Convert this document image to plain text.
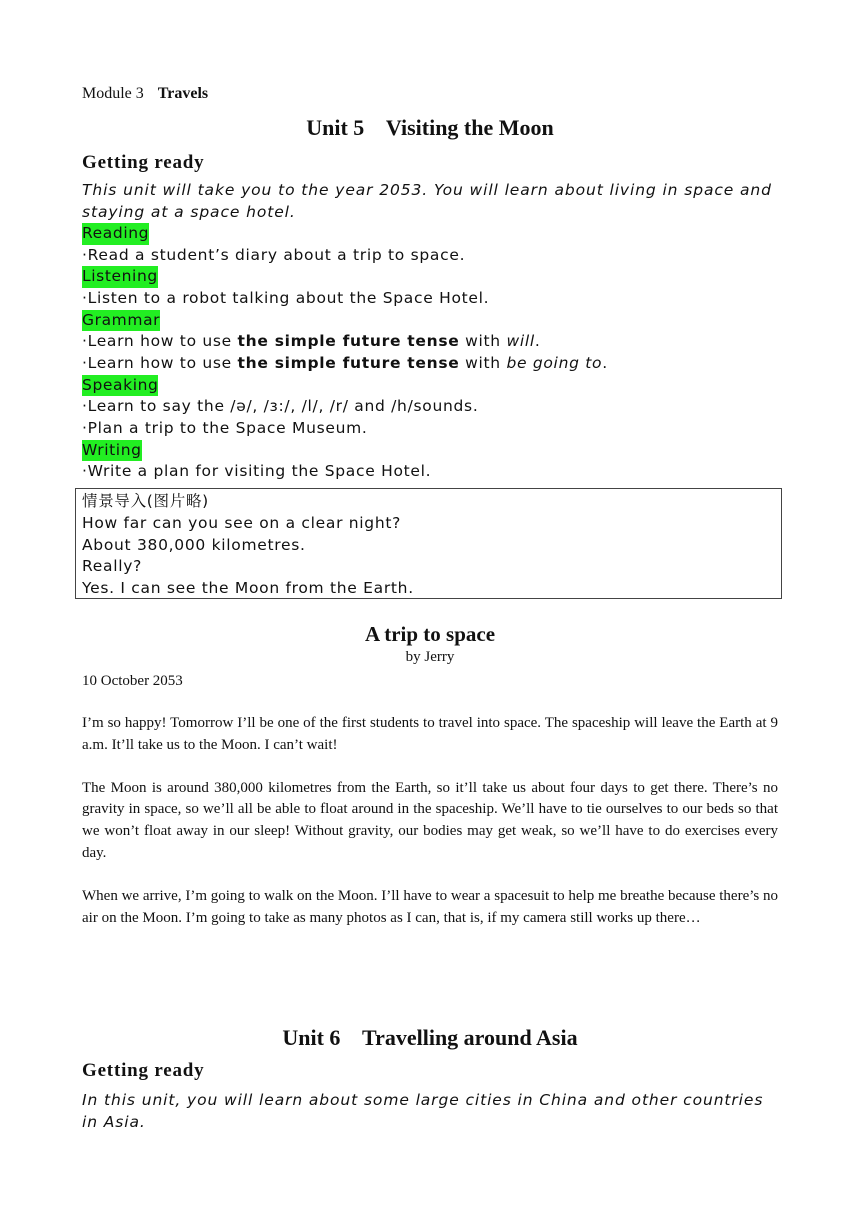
Module 3 Travels

Unit 5    Visiting the Moon
Getting ready

This unit will take you to the year 2053. You will learn about living in space and staying at a space hotel.

Reading
·Read a student’s diary about a trip to space.
Listening
·Listen to a robot talking about the Space Hotel.
Grammar
·Learn how to use the simple future tense with will.
·Learn how to use the simple future tense with be going to.
Speaking
·Learn to say the /ə/, /ɜ:/, /l/, /r/ and /h/sounds.
·Plan a trip to the Space Museum.
Writing
·Write a plan for visiting the Space Hotel.
情景导入(图片略)
How far can you see on a clear night?
About 380,000 kilometres.
Really?
Yes. I can see the Moon from the Earth.
A trip to space

by Jerry

10 October 2053

I’m so happy! Tomorrow I’ll be one of the first students to travel into space. The spaceship will leave the Earth at 9 a.m. It’ll take us to the Moon. I can’t wait!

The Moon is around 380,000 kilometres from the Earth, so it’ll take us about four days to get there. There’s no gravity in space, so we’ll all be able to float around in the spaceship. We’ll have to tie ourselves to our beds so that we won’t float away in our sleep! Without gravity, our bodies may get weak, so we’ll have to do exercises every day.

When we arrive, I’m going to walk on the Moon. I’ll have to wear a spacesuit to help me breathe because there’s no air on the Moon. I’m going to take as many photos as I can, that is, if my camera still works up there…

Unit 6    Travelling around Asia
Getting ready

In this unit, you will learn about some large cities in China and other countries in Asia.
